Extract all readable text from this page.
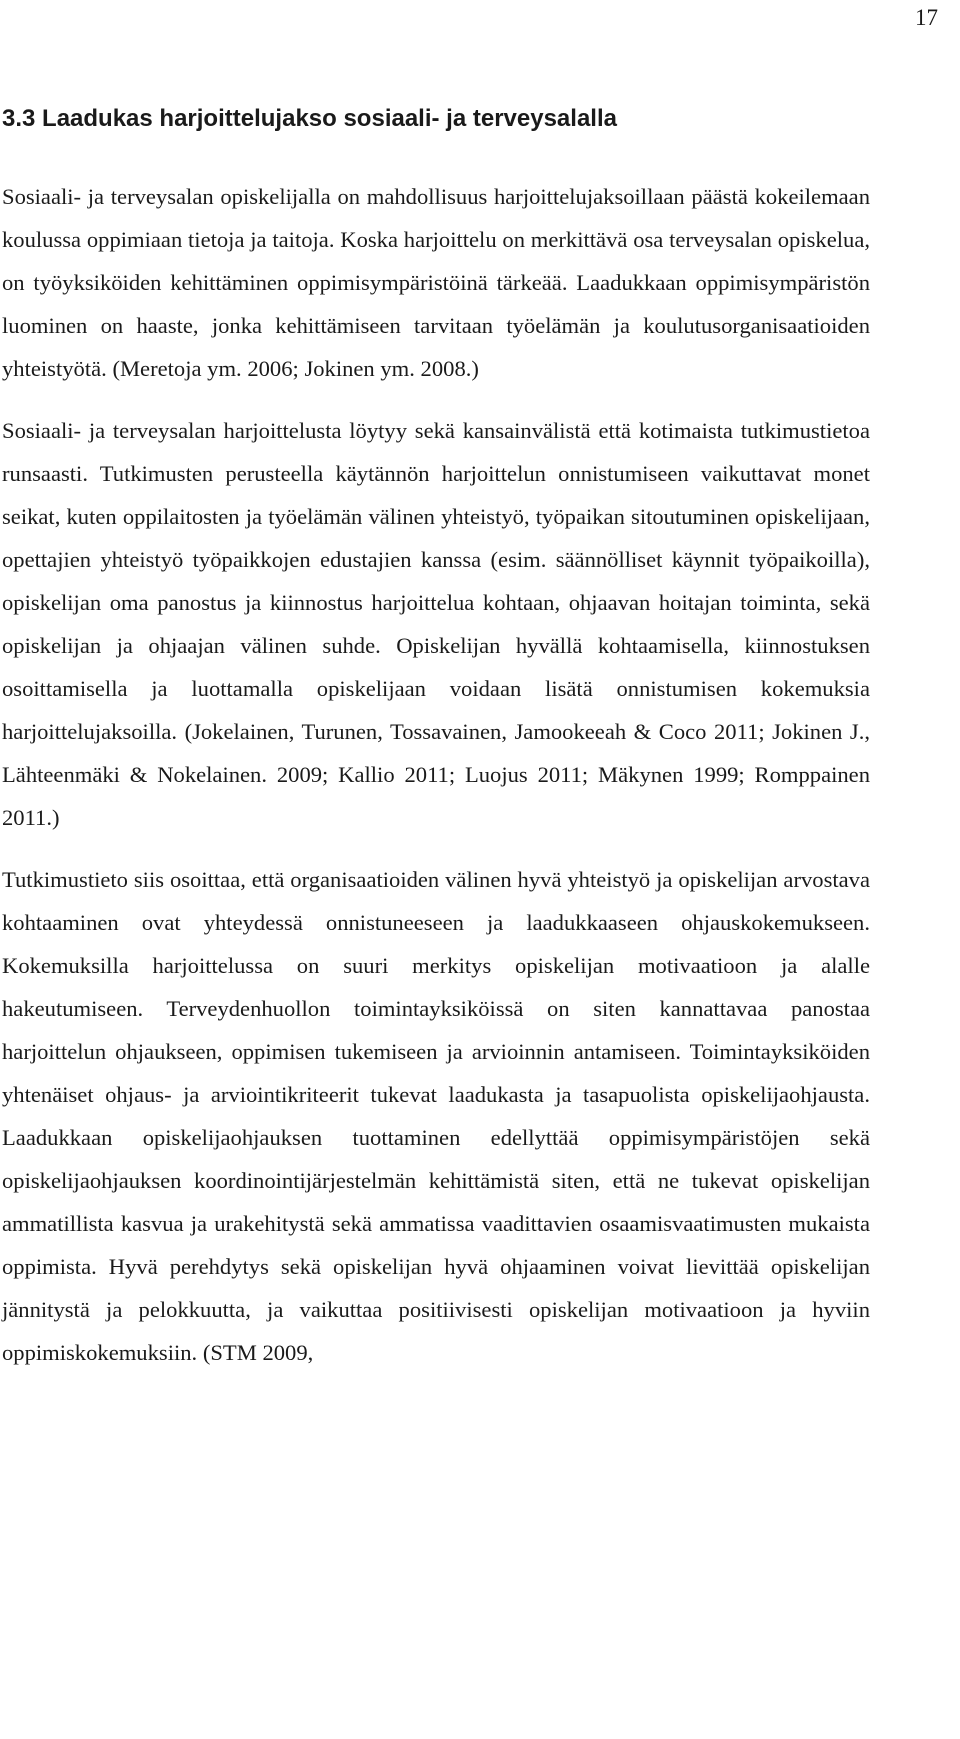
17
3.3 Laadukas harjoittelujakso sosiaali- ja terveysalalla

Sosiaali- ja terveysalan opiskelijalla on mahdollisuus harjoittelujaksoillaan päästä kokeilemaan koulussa oppimiaan tietoja ja taitoja. Koska harjoittelu on merkittävä osa terveysalan opiskelua, on työyksiköiden kehittäminen oppimisympäristöinä tärkeää. Laadukkaan oppimisympäristön luominen on haaste, jonka kehittämiseen tarvitaan työelämän ja koulutusorganisaatioiden yhteistyötä. (Meretoja ym. 2006; Jokinen ym. 2008.)

Sosiaali- ja terveysalan harjoittelusta löytyy sekä kansainvälistä että kotimaista tutkimustietoa runsaasti. Tutkimusten perusteella käytännön harjoittelun onnistumiseen vaikuttavat monet seikat, kuten oppilaitosten ja työelämän välinen yhteistyö, työpaikan sitoutuminen opiskelijaan, opettajien yhteistyö työpaikkojen edustajien kanssa (esim. säännölliset käynnit työpaikoilla), opiskelijan oma panostus ja kiinnostus harjoittelua kohtaan, ohjaavan hoitajan toiminta, sekä opiskelijan ja ohjaajan välinen suhde. Opiskelijan hyvällä kohtaamisella, kiinnostuksen osoittamisella ja luottamalla opiskelijaan voidaan lisätä onnistumisen kokemuksia harjoittelujaksoilla. (Jokelainen, Turunen, Tossavainen, Jamookeeah & Coco 2011; Jokinen J., Lähteenmäki & Nokelainen. 2009; Kallio 2011; Luojus 2011; Mäkynen 1999; Romppainen 2011.)

Tutkimustieto siis osoittaa, että organisaatioiden välinen hyvä yhteistyö ja opiskelijan arvostava kohtaaminen ovat yhteydessä onnistuneeseen ja laadukkaaseen ohjauskokemukseen. Kokemuksilla harjoittelussa on suuri merkitys opiskelijan motivaatioon ja alalle hakeutumiseen. Terveydenhuollon toimintayksiköissä on siten kannattavaa panostaa harjoittelun ohjaukseen, oppimisen tukemiseen ja arvioinnin antamiseen. Toimintayksiköiden yhtenäiset ohjaus- ja arviointikriteerit tukevat laadukasta ja tasapuolista opiskelijaohjausta. Laadukkaan opiskelijaohjauksen tuottaminen edellyttää oppimisympäristöjen sekä opiskelijaohjauksen koordinointijärjestelmän kehittämistä siten, että ne tukevat opiskelijan ammatillista kasvua ja urakehitystä sekä ammatissa vaadittavien osaamisvaatimusten mukaista oppimista. Hyvä perehdytys sekä opiskelijan hyvä ohjaaminen voivat lievittää opiskelijan jännitystä ja pelokkuutta, ja vaikuttaa positiivisesti opiskelijan motivaatioon ja hyviin oppimiskokemuksiin. (STM 2009,
